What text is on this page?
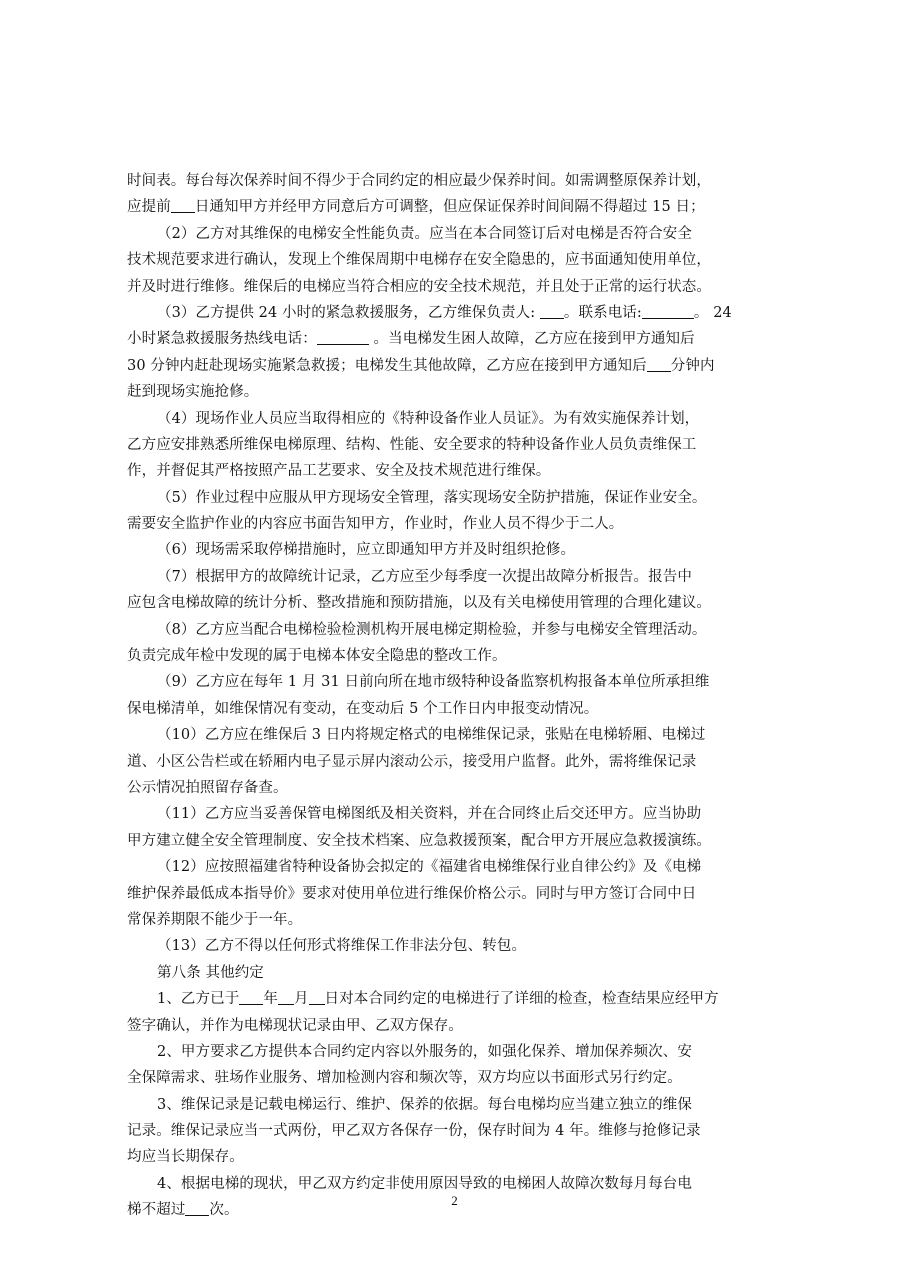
时间表。每台每次保养时间不得少于合同约定的相应最少保养时间。如需调整原保养计划，
应提前 日通知甲方并经甲方同意后方可调整，但应保证保养时间间隔不得超过 15 日；
（2）乙方对其维保的电梯安全性能负责。应当在本合同签订后对电梯是否符合安全
技术规范要求进行确认，发现上个维保周期中电梯存在安全隐患的，应书面通知使用单位，
并及时进行维修。维保后的电梯应当符合相应的安全技术规范，并且处于正常的运行状态。
（3）乙方提供 24 小时的紧急救援服务，乙方维保负责人: 。联系电话:	。 24
小时紧急救援服务热线电话：	。当电梯发生困人故障，乙方应在接到甲方通知后
30 分钟内赶赴现场实施紧急救援；电梯发生其他故障，乙方应在接到甲方通知后 分钟内
赶到现场实施抢修。
（4）现场作业人员应当取得相应的《特种设备作业人员证》。为有效实施保养计划，
乙方应安排熟悉所维保电梯原理、结构、性能、安全要求的特种设备作业人员负责维保工
作，并督促其严格按照产品工艺要求、安全及技术规范进行维保。
（5）作业过程中应服从甲方现场安全管理，落实现场安全防护措施，保证作业安全。
需要安全监护作业的内容应书面告知甲方，作业时，作业人员不得少于二人。
（6）现场需采取停梯措施时，应立即通知甲方并及时组织抢修。
（7）根据甲方的故障统计记录，乙方应至少每季度一次提出故障分析报告。报告中
应包含电梯故障的统计分析、整改措施和预防措施，以及有关电梯使用管理的合理化建议。
（8）乙方应当配合电梯检验检测机构开展电梯定期检验，并参与电梯安全管理活动。
负责完成年检中发现的属于电梯本体安全隐患的整改工作。
（9）乙方应在每年 1 月 31 日前向所在地市级特种设备监察机构报备本单位所承担维
保电梯清单，如维保情况有变动，在变动后 5 个工作日内申报变动情况。
（10）乙方应在维保后 3 日内将规定格式的电梯维保记录，张贴在电梯轿厢、电梯过
道、小区公告栏或在轿厢内电子显示屏内滚动公示，接受用户监督。此外，需将维保记录
公示情况拍照留存备查。
（11）乙方应当妥善保管电梯图纸及相关资料，并在合同终止后交还甲方。应当协助
甲方建立健全安全管理制度、安全技术档案、应急救援预案，配合甲方开展应急救援演练。
（12）应按照福建省特种设备协会拟定的《福建省电梯维保行业自律公约》及《电梯
维护保养最低成本指导价》要求对使用单位进行维保价格公示。同时与甲方签订合同中日
常保养期限不能少于一年。
（13）乙方不得以任何形式将维保工作非法分包、转包。
第八条 其他约定
1、乙方已于 年 月 日对本合同约定的电梯进行了详细的检查，检查结果应经甲方
签字确认，并作为电梯现状记录由甲、乙双方保存。
2、甲方要求乙方提供本合同约定内容以外服务的，如强化保养、增加保养频次、安
全保障需求、驻场作业服务、增加检测内容和频次等，双方均应以书面形式另行约定。
3、维保记录是记载电梯运行、维护、保养的依据。每台电梯均应当建立独立的维保
记录。维保记录应当一式两份，甲乙双方各保存一份，保存时间为 4 年。维修与抢修记录
均应当长期保存。
4、根据电梯的现状，甲乙双方约定非使用原因导致的电梯困人故障次数每月每台电
梯不超过 次。
2
